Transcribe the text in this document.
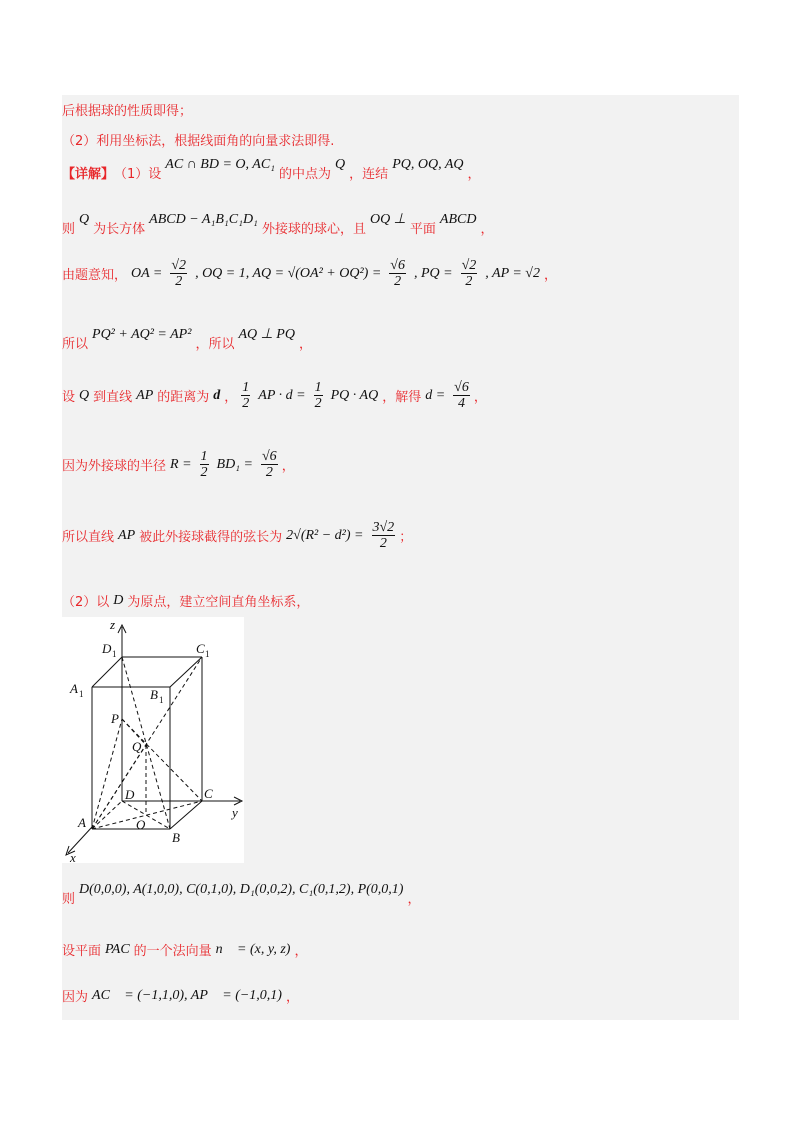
后根据球的性质即得；
（2）利用坐标法，根据线面角的向量求法即得.
【详解】 （1）设
AC ∩ BD = O, AC₁
的中点为
Q
，连结
PQ, OQ, AQ
，
则
Q
为长方体
ABCD − A₁B₁C₁D₁
外接球的球心，且
OQ ⊥
平面
ABCD
，
由题意知， OA = $\frac{√2}{2}$ , OQ = 1, AQ = $√(OA^2 + OQ^2) = \frac{√6}{2}$ , PQ = $\frac{√2}{2}$ , AP = √2 ，
所以
PQ² + AQ² = AP²
，所以
AQ ⊥ PQ
，
设 Q 到直线 AP 的距离为 d ， $\frac{1}{2}$ AP · $d = \frac{1}{2}$ PQ · AQ ，解得 $d = \frac{√6}{4}$ ，
因为外接球的半径 $R = \frac{1}{2} BD_1 = \frac{√6}{2}$ ，
所以直线 AP 被此外接球截得的弦长为 $2√(R^2 - d^2) = \frac{3√2}{2}$ ；
（2）以 D 为原点，建立空间直角坐标系，
z
y
x
D 1	C 1
A 1	B 1
P
Q
D	C
A	O
B
则
D(0,0,0), A(1,0,0), C(0,1,0), D₁(0,0,2), C₁(0,1,2), P(0,0,1)
，
设平面 PAC 的一个法向量 n⃗ = (x, y, z) ，
因为 AC⃗ = (−1,1,0), AP⃗ = (−1,0,1) ，
